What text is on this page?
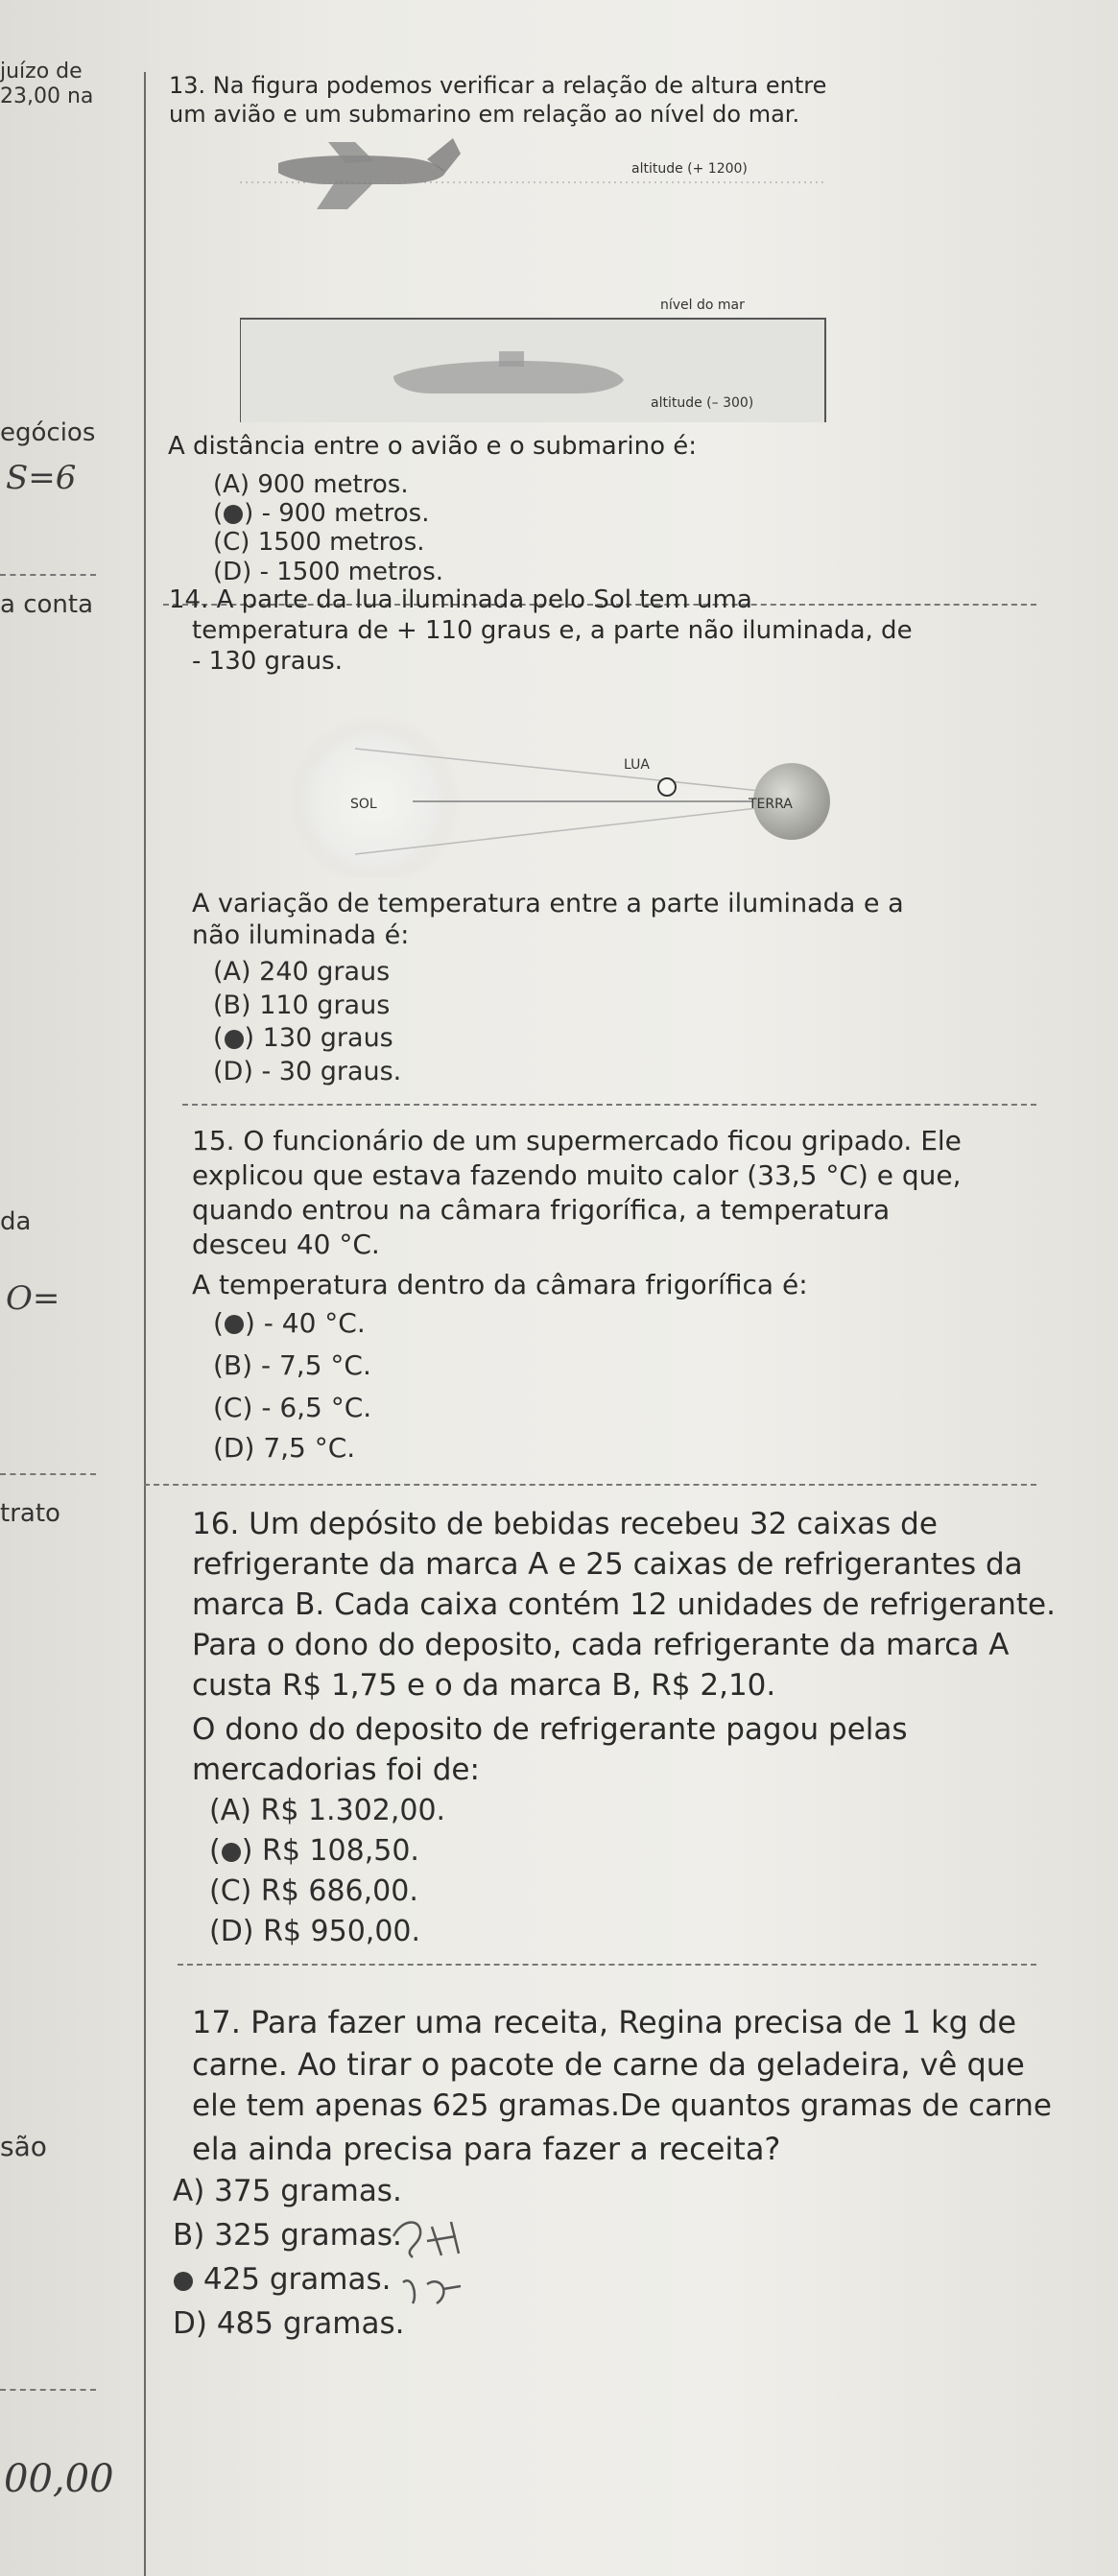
juízo de
23,00 na
egócios
S=6
a conta
da
O=
trato
são
00,00
13. Na figura podemos verificar a relação de altura entre
um avião e um submarino em relação ao nível do mar.
altitude (+ 1200)
nível do mar
altitude (– 300)
A distância entre o avião e o submarino é:
(A) 900 metros.
( ) - 900 metros.
(C) 1500 metros.
(D) - 1500 metros.
14. A parte da lua iluminada pelo Sol tem uma
temperatura de + 110 graus e, a parte não iluminada, de
- 130 graus.
SOL
LUA
TERRA
A variação de temperatura entre a parte iluminada e a
não iluminada é:
(A) 240 graus
(B) 110 graus
( ) 130 graus
(D) - 30 graus.
15. O funcionário de um supermercado ficou gripado. Ele
explicou que estava fazendo muito calor (33,5 °C) e que,
quando entrou na câmara frigorífica, a temperatura
desceu 40 °C.
A temperatura dentro da câmara frigorífica é:
( ) - 40 °C.
(B) - 7,5 °C.
(C) - 6,5 °C.
(D) 7,5 °C.
16. Um depósito de bebidas recebeu 32 caixas de
refrigerante da marca A e 25 caixas de refrigerantes da
marca B. Cada caixa contém 12 unidades de refrigerante.
Para o dono do deposito, cada refrigerante da marca A
custa R$ 1,75 e o da marca B, R$ 2,10.
O dono do deposito de refrigerante pagou pelas
mercadorias foi de:
(A) R$ 1.302,00.
( ) R$ 108,50.
(C) R$ 686,00.
(D) R$ 950,00.
17. Para fazer uma receita, Regina precisa de 1 kg de
carne. Ao tirar o pacote de carne da geladeira, vê que
ele tem apenas 625 gramas.De quantos gramas de carne
ela ainda precisa para fazer a receita?
A) 375 gramas.
B) 325 gramas.
425 gramas.
D) 485 gramas.
